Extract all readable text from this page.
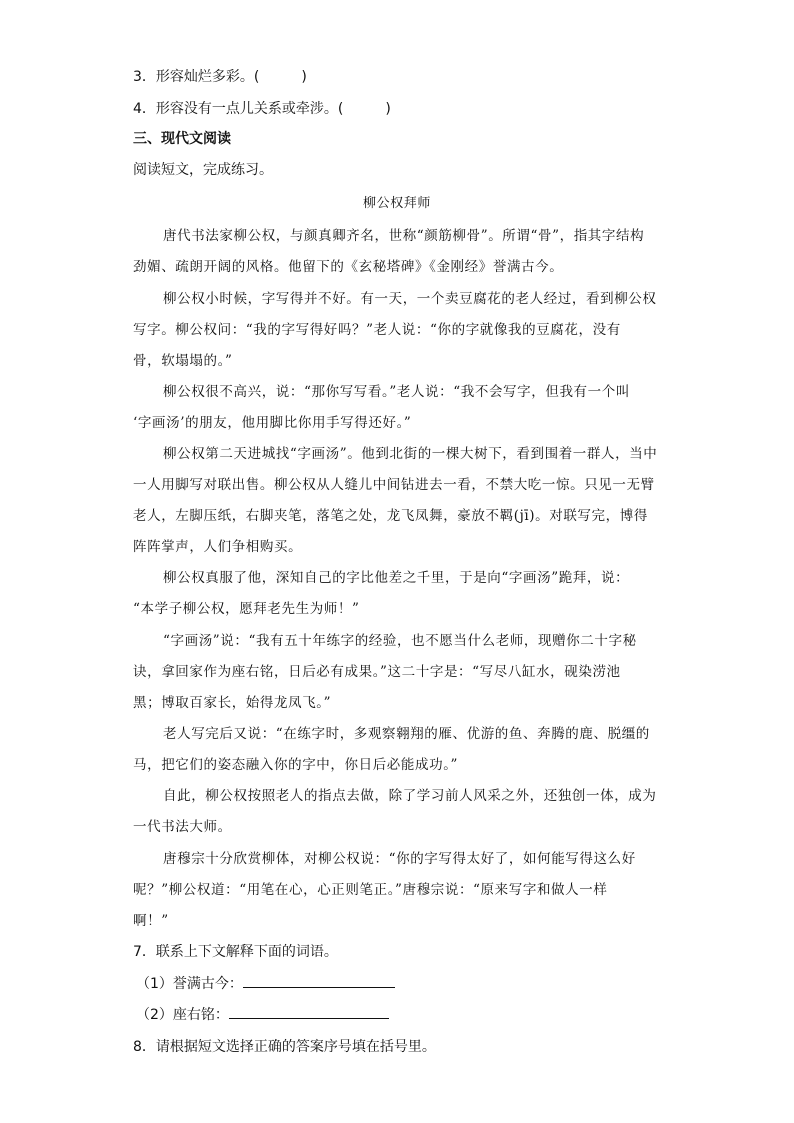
3．形容灿烂多彩。(　　　)
4．形容没有一点儿关系或牵涉。(　　　)
三、现代文阅读
阅读短文，完成练习。
柳公权拜师
唐代书法家柳公权，与颜真卿齐名，世称“颜筋柳骨”。所谓“骨”，指其字结构
劲媚、疏朗开阔的风格。他留下的《玄秘塔碑》《金刚经》誉满古今。
柳公权小时候，字写得并不好。有一天，一个卖豆腐花的老人经过，看到柳公权
写字。柳公权问：“我的字写得好吗？”老人说：“你的字就像我的豆腐花，没有
骨，软塌塌的。”
柳公权很不高兴，说：“那你写写看。”老人说：“我不会写字，但我有一个叫
‘字画汤’的朋友，他用脚比你用手写得还好。”
柳公权第二天进城找“字画汤”。他到北街的一棵大树下，看到围着一群人，当中
一人用脚写对联出售。柳公权从人缝儿中间钻进去一看，不禁大吃一惊。只见一无臂
老人，左脚压纸，右脚夹笔，落笔之处，龙飞凤舞，豪放不羁(jī)。对联写完，博得
阵阵掌声，人们争相购买。
柳公权真服了他，深知自己的字比他差之千里，于是向“字画汤”跪拜，说：
“本学子柳公权，愿拜老先生为师！”
“字画汤”说：“我有五十年练字的经验，也不愿当什么老师，现赠你二十字秘
诀，拿回家作为座右铭，日后必有成果。”这二十字是：“写尽八缸水，砚染涝池
黑；博取百家长，始得龙凤飞。”
老人写完后又说：“在练字时，多观察翱翔的雁、优游的鱼、奔腾的鹿、脱缰的
马，把它们的姿态融入你的字中，你日后必能成功。”
自此，柳公权按照老人的指点去做，除了学习前人风采之外，还独创一体，成为
一代书法大师。
唐穆宗十分欣赏柳体，对柳公权说：“你的字写得太好了，如何能写得这么好
呢？”柳公权道：“用笔在心，心正则笔正。”唐穆宗说：“原来写字和做人一样
啊！”
7．联系上下文解释下面的词语。
（1）誉满古今：
（2）座右铭：
8．请根据短文选择正确的答案序号填在括号里。
